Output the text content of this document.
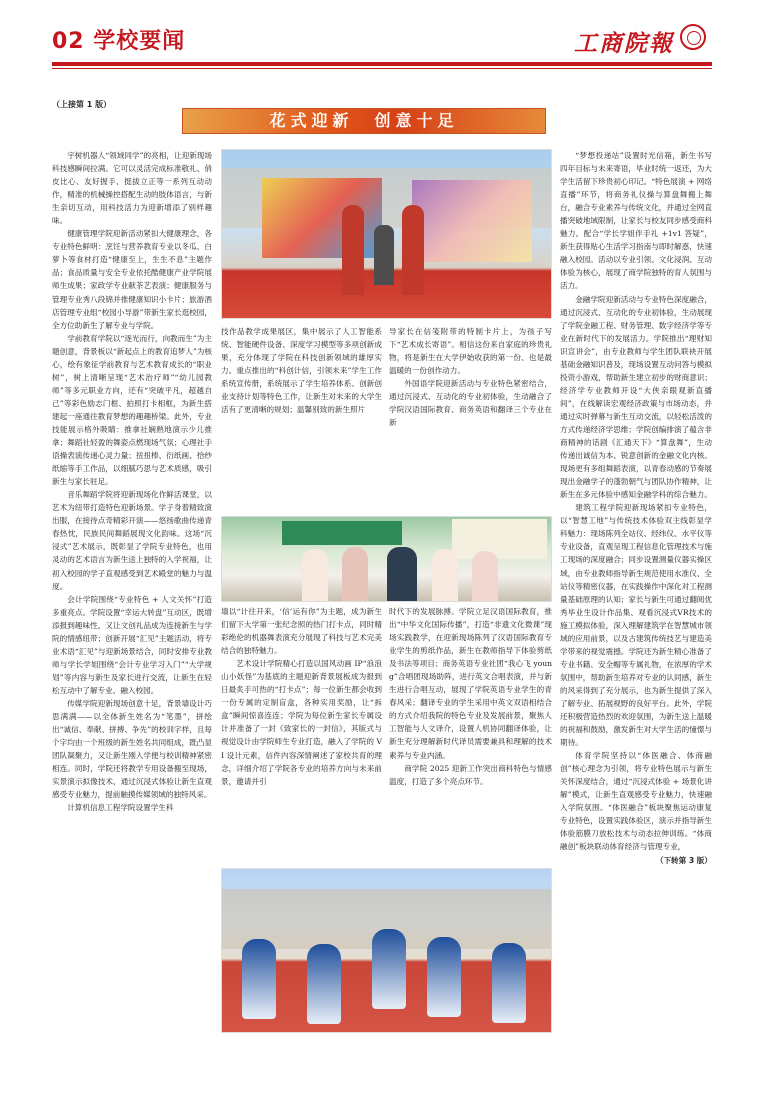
02 学校要闻	工商院報
（上接第 1 版）
花式迎新　创意十足

宇树机器人“领域同学”的亮相，让迎新现场科技感瞬间拉满。它可以灵活完成标准敬礼、俏皮比心、友好握手、挺拔立正等一系列互动动作，精准的机械操控搭配生动的肢体语言，与新生亲切互动，用科技活力为迎新增添了别样趣味。

健康管理学院迎新活动紧扣大健康理念，各专业特色鲜明：烹饪与营养教育专业以冬瓜、白萝卜等食材打造“健康至上，生生不息”主题作品；食品质量与安全专业依托酷健康产业学院展师生成果；家政学专业献茶艺表演；健康服务与管理专业秀八段锦并推健康知识小卡片；旅游酒店管理专业组“校园小导游”带新生家长逛校园，全方位助新生了解专业与学院。

学前教育学院以“逐光而行，向教而生”为主题创意，背景板以“新起点上的教育追梦人”为核心，绘有象征学前教育与艺术教育成长的“职业树”，树上清晰呈现“艺术治疗师”“幼儿园教师”等多元职业方向，还有“突破平凡，超越自己”等彩色励志门框、拍照打卡相框，为新生搭建起一座通往教育梦想的趣趣桥梁。此外，专业技能展示格外吸睛：推拿社娴熟地演示少儿推拿；舞蹈社轻盈的舞姿点燃现场气氛；心理社手语操表演传递心灵力量；扭扭棒、衍纸画、拾纱纸缩等手工作品，以细腻巧思与艺术质感，吸引新生与家长驻足。

音乐舞蹈学院将迎新现场化作鲜活课堂，以艺术为纽带打造特色迎新场景。学子身着精致演出服，在接待点奇精彩开演——悠扬歌曲传递青春热忱，民族民间舞蹈展现文化韵味。这场“沉浸式”艺术展示，既彰显了学院专业特色，也用灵动的艺术语言为新生送上独特的入学祝福，让初入校园的学子直观感受到艺术殿堂的魅力与温度。

会计学院围绕“专业特色 + 人文关怀”打造多重亮点。学院设置“幸运大转盘”互动区，既增添报到趣味性，又让文创礼品成为连接新生与学院的情感纽带；创新开展“汇见”主题活动，将专业术语“汇见”与迎新场景结合，同时安排专业教师与学长学姐围绕“会计专业学习入门”“大学规划”等内容与新生及家长进行交流，让新生在轻松互动中了解专业、融入校园。

传媒学院迎新现场创意十足，背景墙设计巧思满满——以全体新生姓名为“笔墨”，拼绘出“诚信、奉献、拼搏、争先”的校训字样，且每个字均由一个班级的新生姓名共同组成，既凸显团队凝聚力，又让新生刚入学便与校训精神紧密相连。同时，学院还将教学专用设备搬至现场，实景演示拟像技术，通过沉浸式体验让新生直观感受专业魅力，提前触摸传媒领域的独特风采。

计算机信息工程学院设置学生科

技作品教学成果展区，集中展示了人工智能系统、智能硬件设备、深度学习模型等多项创新成果，充分体现了学院在科技创新领域的雄厚实力。重点推出的“科创计信，引领未来”学生工作系统宣传册，系统展示了学生培养体系、创新创业支持计划等特色工作，让新生对未来的大学生活有了更清晰的规划；温馨别致的新生照片

导家长在信笺附带的特制卡片上，为孩子写下“艺术成长寄语”。相信这份来自家庭的珍贵礼物，将是新生在大学伊始收获的第一份、也是最温暖的一份创作动力。

外国语学院迎新活动与专业特色紧密结合，通过沉浸式、互动化的专业初体验，生动融合了学院汉语国际教育、商务英语和翻译三个专业在新

墙以“计往开来，‘信’运有你”为主题，成为新生们留下大学第一张纪念照的热门打卡点，同时精彩绝伦的机器舞表演充分展现了科技与艺术完美结合的独特魅力。

艺术设计学院精心打造以国风动画 IP“浪浪山小妖怪”为基底的主题迎新背景展板成为报到日最炙手可热的“打卡点”；每一位新生都会收到一份专属的定制盲盒，各种实用奖励，让“拆盒”瞬间惊喜连连；学院为每位新生家长专属设计并准备了一封《致家长的一封信》，其版式与视觉设计由学院师生专业打造，融入了学院的 VI 设计元素，信件内容深情阐述了家校共育的理念，详细介绍了学院各专业的培养方向与未来前景，邀请并引

时代下的发展脉搏。学院立足汉语国际教育，推出“中华文化国际传播”，打造“非遗文化微课”现场实践教学，在迎新现场陈列了汉语国际教育专业学生的剪纸作品，新生在教师指导下体验剪纸及书法等项目；商务英语专业社团“我心飞 young”合唱团现场助阵，进行英文合唱表演，并与新生进行合唱互动，展现了学院英语专业学生的青春风采；翻译专业的学生采用中英文双语相结合的方式介绍我院的特色专业及发展前景，聚焦人工智能与人文译介，设置人机协同翻译体验，让新生充分理解新时代译员需要兼具和理解的技术素养与专业内涵。

商学院 2025 迎新工作突出商科特色与情感温度，打造了多个亮点环节。

“梦想投递站”设置时光信箱，新生书写四年目标与未来寄语，毕业时统一返还，为大学生活留下珍贵初心印记。“特色展演 + 网络直播”环节，将商务礼仪操与算盘舞搬上舞台，融合专业素养与传统文化，并通过全网直播突破地域限制，让家长与校友同步感受商科魅力。配合“学长学姐伴手礼 +1v1 答疑”，新生获得贴心生活学习指南与即时解惑，快速融入校园。活动以专业引领、文化浸润、互动体验为核心，展现了商学院独特的育人氛围与活力。

金融学院迎新活动与专业特色深度融合，通过沉浸式、互动化的专业初体验，生动展现了学院金融工程、财务管理、数字经济学等专业在新时代下的发展活力。学院推出“理财知识宣讲会”，由专业教师与学生团队联袂开展基础金融知识普及，现场设置互动问答与模拟投资小游戏，帮助新生建立初步的财商意识；经济学专业教师开设“大侠亲眼观新直播间”，在线解读宏观经济政策与市场动态，并通过实时弹幕与新生互动交流，以轻松活泼的方式传递经济学思维；学院创编排演了蕴含非商精神的话剧《汇通天下》“算盘舞”，生动传递出诚信为本、锐意创新的金融文化内核。现场更有多组舞蹈表演，以青春动感的节奏展现出金融学子的蓬勃朝气与团队协作精神，让新生在多元体验中感知金融学科的综合魅力。

建筑工程学院迎新现场紧扣专业特色，以“智慧工地”与传统技术体验双主线彰显学科魅力：现场陈列全站仪、经纬仪、水平仪等专业设备，直观呈现工程信息化管理技术与施工现场的深度融合；同步设置测量仪器实操区域，由专业教师指导新生规范使用水准仪、全站仪等精密仪器，在实践操作中深化对工程测量基础原理的认知；家长与新生可通过翻阅优秀毕业生设计作品集、观看沉浸式VR技术的施工模拟体验，深入理解建筑学在智慧城市领域的应用前景，以及古建筑传统技艺与建造美学带来的视觉震撼。学院还为新生精心准备了专业书籍、安全帽等专属礼物，在浓厚的学术氛围中，帮助新生培养对专业的认同感，新生的风采得到了充分展示，也为新生提供了深入了解专业、拓展视野的良好平台。此外，学院还积极营造热烈的欢迎氛围，为新生送上温暖的祝福和鼓励，激发新生对大学生活的憧憬与期待。

体育学院坚持以“体医融合、体商融创”核心理念为引领，将专业特色展示与新生关怀深度结合，通过“沉浸式体验 + 场景化讲解”模式，让新生直观感受专业魅力，快速融入学院氛围。“体医融合”板块聚焦运动康复专业特色，设置实践体验区，演示并指导新生体验筋膜刀放松技术与动态拉伸训练。“体商融创”板块联动体育经济与管理专业，

（下转第 3 版）
